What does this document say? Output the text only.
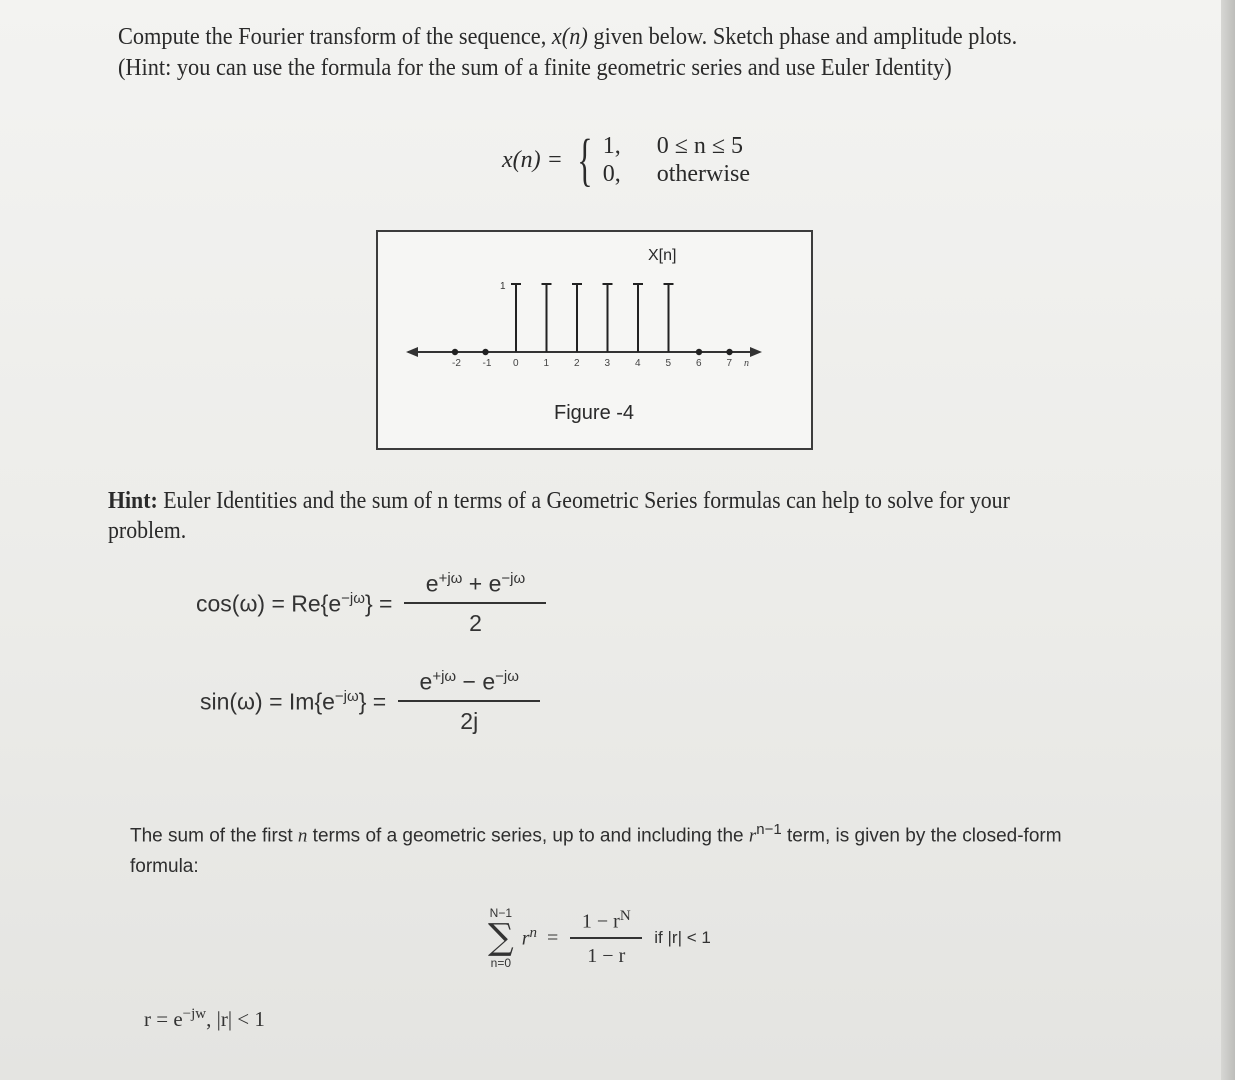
Compute the Fourier transform of the sequence, x(n) given below. Sketch phase and amplitude plots.
(Hint: you can use the formula for the sum of a finite geometric series and use Euler Identity)
x(n) = { 1,	0 ≤ n ≤ 5
0,	otherwise
X[n]
1
-2 -1 0 1 2 3 4 5 6 7 n
Figure -4
Hint: Euler Identities and the sum of n terms of a Geometric Series formulas can help to solve for your problem.
$\cos(\omega) = Re\{e^{-j\omega}\} = \frac{e^{+j\omega} + e^{-j\omega}}{2}$
$\sin(\omega) = Im\{e^{-j\omega}\} = \frac{e^{+j\omega} - e^{-j\omega}}{2j}$
The sum of the first n terms of a geometric series, up to and including the $r^{n-1}$ term, is given by the closed-form formula:
N−1
∑
n=0
$r^n = \frac{1 - r^N}{1 - r}$ if |r| < 1
$r = e^{-jw}$, |r| < 1
